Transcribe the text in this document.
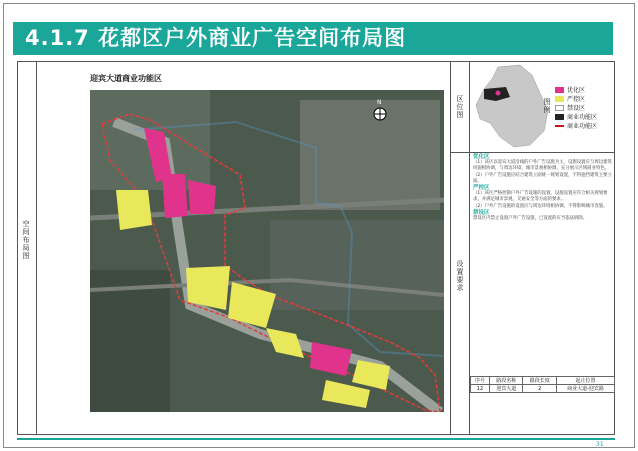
4.1.7 花都区户外商业广告空间布局图
空间布局图
迎宾大道商业功能区
N	区位图
设置要求
图例
优化区
严控区
禁设区
商业功能区
商业功能区
优化区
（1）该区以迎宾大道沿线的户外广告设施为主，设施设置应与周边建筑风貌相协调，与周边环境、城市景观相协调，充分展示区域商业特色。
（2）户外广告设施应结合建筑立面统一规划设置，不得遮挡建筑主要立面。
严控区
（1）该区严格控制户外广告设施的设置，设施设置应符合相关规划要求，并满足城市景观、交通安全等方面的要求。
（2）户外广告设施的设置应与周边环境相协调，不得影响城市容貌。
禁设区
禁设区内禁止设置户外广告设施，已设置的应当依法拆除。
序号	路段名称	路段长度	起止位置
12	迎宾大道	2	商业大道-迎宾路
31
